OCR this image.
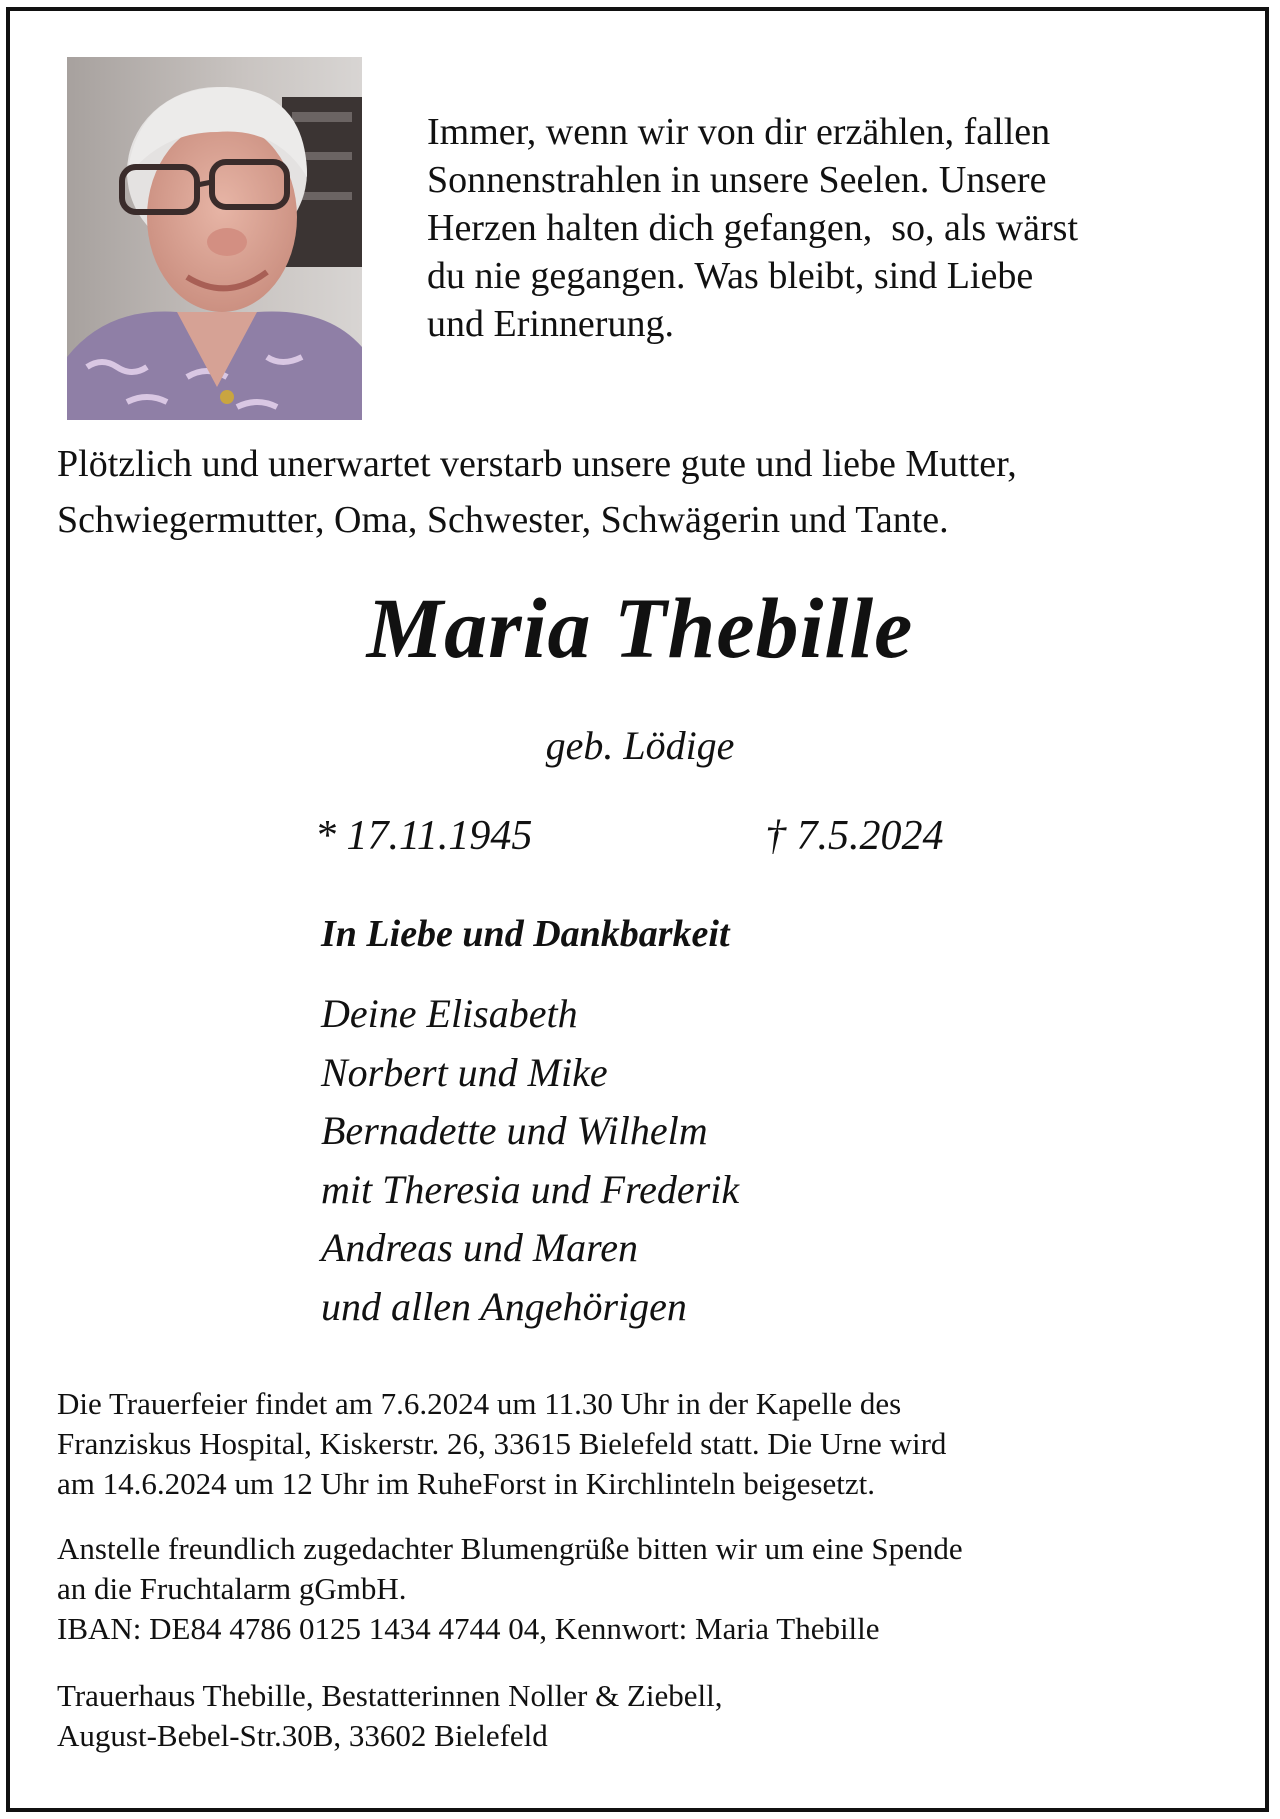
Immer, wenn wir von dir erzählen, fallen
Sonnenstrahlen in unsere Seelen. Unsere
Herzen halten dich gefangen,  so, als wärst
du nie gegangen. Was bleibt, sind Liebe
und Erinnerung.
Plötzlich und unerwartet verstarb unsere gute und liebe Mutter,
Schwiegermutter, Oma, Schwester, Schwägerin und Tante.
Maria Thebille
geb. Lödige
* 17.11.1945	† 7.5.2024
In Liebe und Dankbarkeit
Deine Elisabeth
Norbert und Mike
Bernadette und Wilhelm
mit Theresia und Frederik
Andreas und Maren
und allen Angehörigen
Die Trauerfeier findet am 7.6.2024 um 11.30 Uhr in der Kapelle des
Franziskus Hospital, Kiskerstr. 26, 33615 Bielefeld statt. Die Urne wird
am 14.6.2024 um 12 Uhr im RuheForst in Kirchlinteln beigesetzt.
Anstelle freundlich zugedachter Blumengrüße bitten wir um eine Spende
an die Fruchtalarm gGmbH.
IBAN: DE84 4786 0125 1434 4744 04, Kennwort: Maria Thebille
Trauerhaus Thebille, Bestatterinnen Noller & Ziebell,
August-Bebel-Str.30B, 33602 Bielefeld
